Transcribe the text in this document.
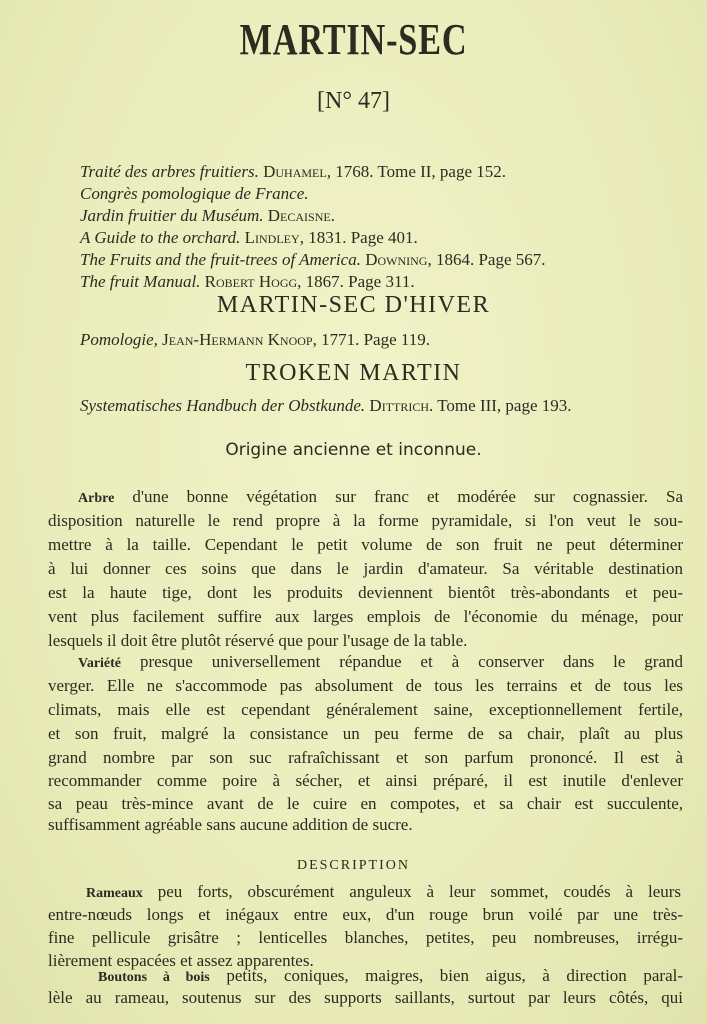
MARTIN-SEC
[N° 47]
Traité des arbres fruitiers. Duhamel, 1768. Tome II, page 152.
Congrès pomologique de France.
Jardin fruitier du Muséum. Decaisne.
A Guide to the orchard. Lindley, 1831. Page 401.
The Fruits and the fruit-trees of America. Downing, 1864. Page 567.
The fruit Manual. Robert Hogg, 1867. Page 311.
MARTIN-SEC D'HIVER
Pomologie, Jean-Hermann Knoop, 1771. Page 119.
TROKEN MARTIN
Systematisches Handbuch der Obstkunde. Dittrich. Tome III, page 193.
Origine ancienne et inconnue.
Arbre d'une bonne végétation sur franc et modérée sur cognassier. Sa
disposition naturelle le rend propre à la forme pyramidale, si l'on veut le sou-
mettre à la taille. Cependant le petit volume de son fruit ne peut déterminer
à lui donner ces soins que dans le jardin d'amateur. Sa véritable destination
est la haute tige, dont les produits deviennent bientôt très-abondants et peu-
vent plus facilement suffire aux larges emplois de l'économie du ménage, pour
lesquels il doit être plutôt réservé que pour l'usage de la table.
Variété presque universellement répandue et à conserver dans le grand
verger. Elle ne s'accommode pas absolument de tous les terrains et de tous les
climats, mais elle est cependant généralement saine, exceptionnellement fertile,
et son fruit, malgré la consistance un peu ferme de sa chair, plaît au plus
grand nombre par son suc rafraîchissant et son parfum prononcé. Il est à
recommander comme poire à sécher, et ainsi préparé, il est inutile d'enlever
sa peau très-mince avant de le cuire en compotes, et sa chair est succulente,
suffisamment agréable sans aucune addition de sucre.
DESCRIPTION
Rameaux peu forts, obscurément anguleux à leur sommet, coudés à leurs
entre-nœuds longs et inégaux entre eux, d'un rouge brun voilé par une très-
fine pellicule grisâtre ; lenticelles blanches, petites, peu nombreuses, irrégu-
lièrement espacées et assez apparentes.
Boutons à bois petits, coniques, maigres, bien aigus, à direction paral-
lèle au rameau, soutenus sur des supports saillants, surtout par leurs côtés, qui
